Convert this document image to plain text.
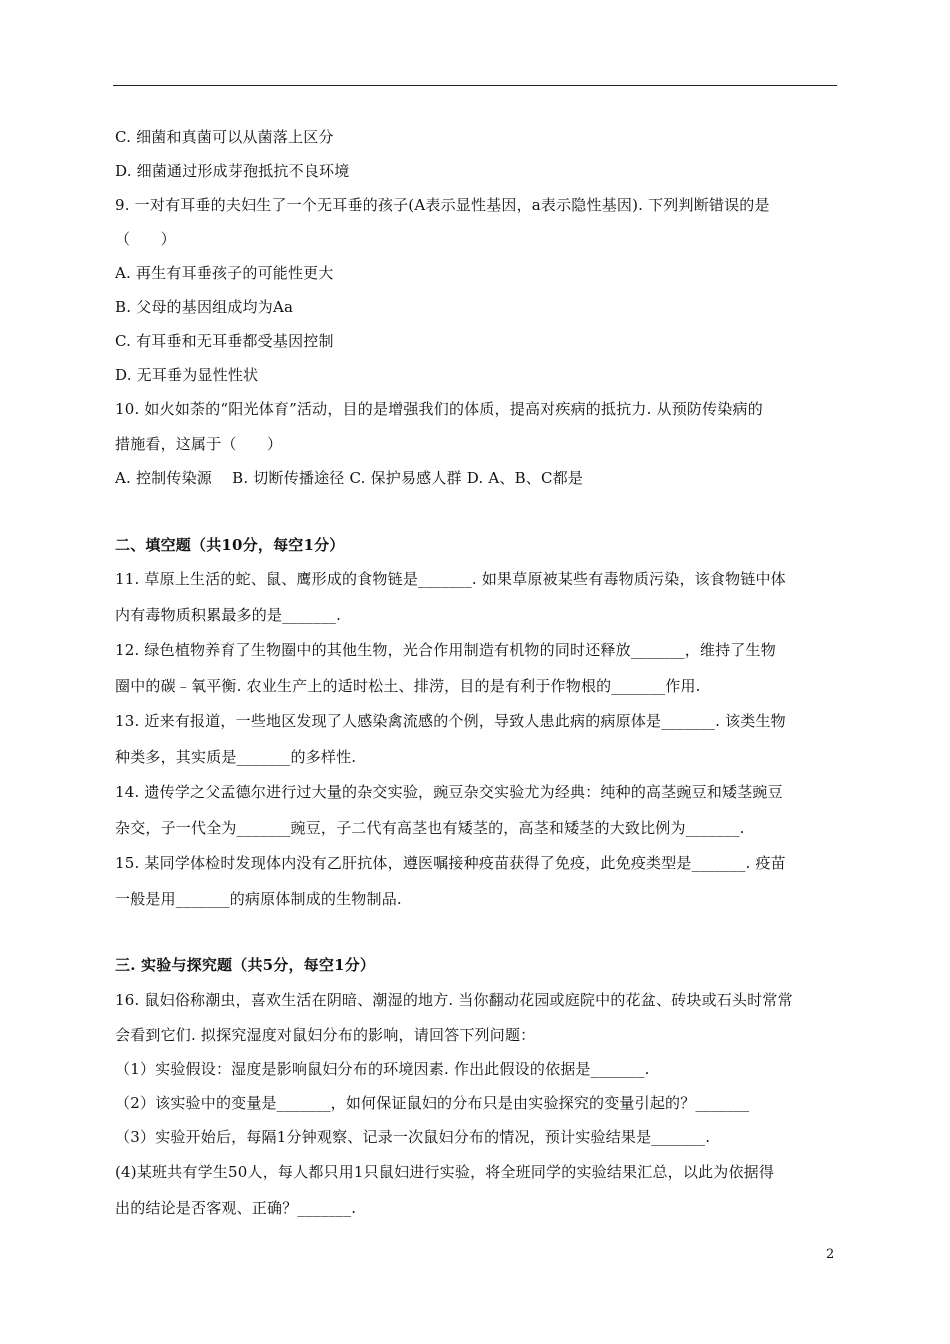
C. 细菌和真菌可以从菌落上区分
D. 细菌通过形成芽孢抵抗不良环境
9. 一对有耳垂的夫妇生了一个无耳垂的孩子(A表示显性基因，a表示隐性基因). 下列判断错误的是
（　　）
A. 再生有耳垂孩子的可能性更大
B. 父母的基因组成均为Aa
C. 有耳垂和无耳垂都受基因控制
D. 无耳垂为显性性状
10. 如火如荼的“阳光体育”活动，目的是增强我们的体质，提高对疾病的抵抗力. 从预防传染病的
措施看，这属于（　　）
A. 控制传染源　 B. 切断传播途径 C. 保护易感人群 D. A、B、C都是
二、填空题（共10分，每空1分）
11. 草原上生活的蛇、鼠、鹰形成的食物链是_______. 如果草原被某些有毒物质污染，该食物链中体
内有毒物质积累最多的是_______.
12. 绿色植物养育了生物圈中的其他生物，光合作用制造有机物的同时还释放_______，维持了生物
圈中的碳﹣氧平衡. 农业生产上的适时松土、排涝，目的是有利于作物根的_______作用.
13. 近来有报道，一些地区发现了人感染禽流感的个例，导致人患此病的病原体是_______. 该类生物
种类多，其实质是_______的多样性.
14. 遗传学之父孟德尔进行过大量的杂交实验，豌豆杂交实验尤为经典：纯种的高茎豌豆和矮茎豌豆
杂交，子一代全为_______豌豆，子二代有高茎也有矮茎的，高茎和矮茎的大致比例为_______.
15. 某同学体检时发现体内没有乙肝抗体，遵医嘱接种疫苗获得了免疫，此免疫类型是_______. 疫苗
一般是用_______的病原体制成的生物制品.
三. 实验与探究题（共5分，每空1分）
16. 鼠妇俗称潮虫，喜欢生活在阴暗、潮湿的地方. 当你翻动花园或庭院中的花盆、砖块或石头时常常
会看到它们. 拟探究湿度对鼠妇分布的影响，请回答下列问题：
（1）实验假设：湿度是影响鼠妇分布的环境因素. 作出此假设的依据是_______.
（2）该实验中的变量是_______，如何保证鼠妇的分布只是由实验探究的变量引起的？_______
（3）实验开始后，每隔1分钟观察、记录一次鼠妇分布的情况，预计实验结果是_______.
(4)某班共有学生50人，每人都只用1只鼠妇进行实验，将全班同学的实验结果汇总，以此为依据得
出的结论是否客观、正确？_______.
2
